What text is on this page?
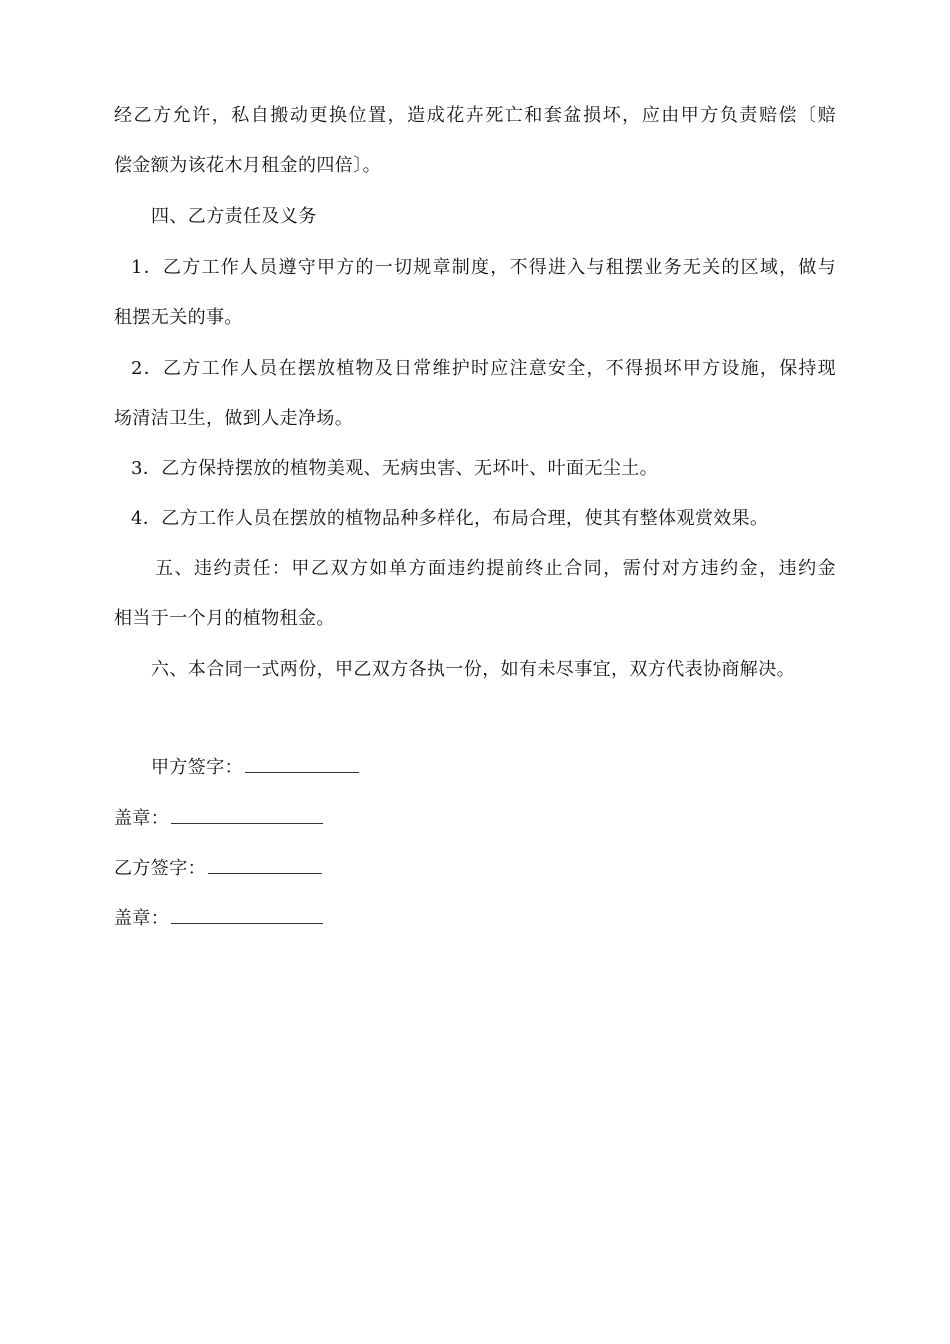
经乙方允许，私自搬动更换位置，造成花卉死亡和套盆损坏，应由甲方负责赔偿〔赔
偿金额为该花木月租金的四倍〕。
四、乙方责任及义务
1．乙方工作人员遵守甲方的一切规章制度，不得进入与租摆业务无关的区域，做与
租摆无关的事。
2．乙方工作人员在摆放植物及日常维护时应注意安全，不得损坏甲方设施，保持现
场清洁卫生，做到人走净场。
3．乙方保持摆放的植物美观、无病虫害、无坏叶、叶面无尘土。
4．乙方工作人员在摆放的植物品种多样化，布局合理，使其有整体观赏效果。
五、违约责任：甲乙双方如单方面违约提前终止合同，需付对方违约金，违约金
相当于一个月的植物租金。
六、本合同一式两份，甲乙双方各执一份，如有未尽事宜，双方代表协商解决。
甲方签字：
盖章：
乙方签字：
盖章：
